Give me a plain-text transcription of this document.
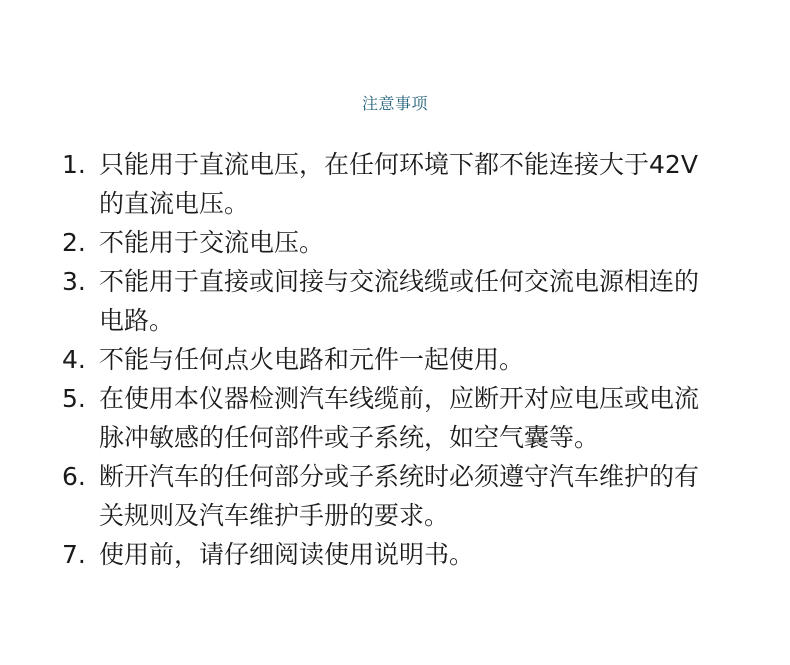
注意事项
1. 只能用于直流电压，在任何环境下都不能连接大于42V的直流电压。
2. 不能用于交流电压。
3. 不能用于直接或间接与交流线缆或任何交流电源相连的电路。
4. 不能与任何点火电路和元件一起使用。
5. 在使用本仪器检测汽车线缆前，应断开对应电压或电流脉冲敏感的任何部件或子系统，如空气囊等。
6. 断开汽车的任何部分或子系统时必须遵守汽车维护的有关规则及汽车维护手册的要求。
7. 使用前，请仔细阅读使用说明书。
